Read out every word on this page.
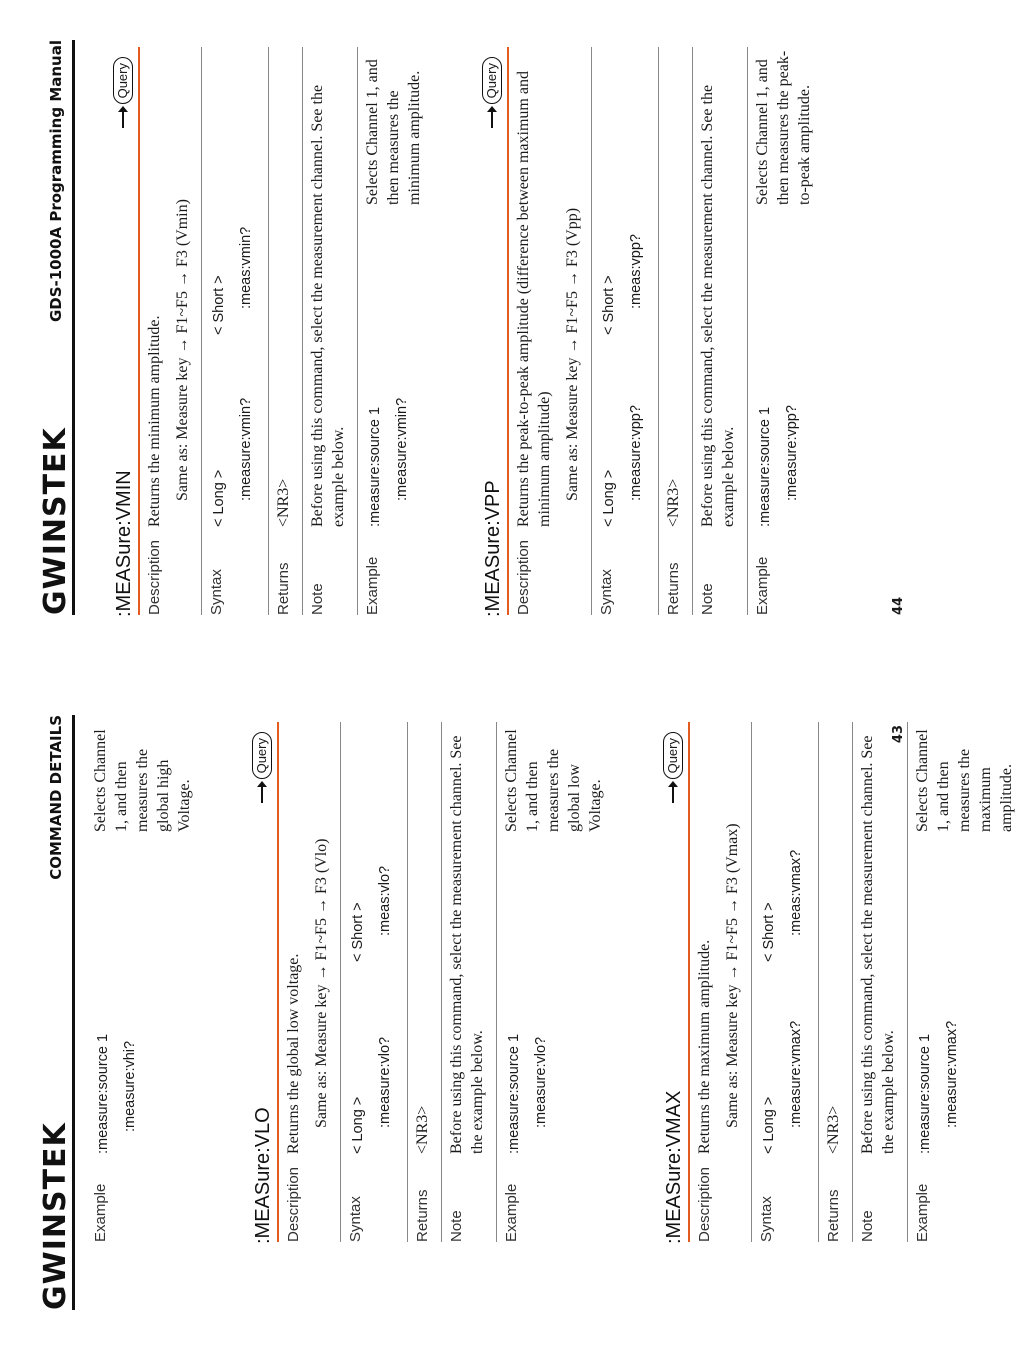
GWINSTEK
COMMAND DETAILS
Example
:measure:source 1 :measure:vhi?
Selects Channel 1, and then measures the global high Voltage.
:MEASure:VLO
Query
Description
Returns the global low voltage. Same as: Measure key → F1~F5 → F3 (Vlo)
Syntax
< Long > :measure:vlo?
< Short > :meas:vlo?
Returns
<NR3>
Note
Before using this command, select the measurement channel. See the example below.
Example
:measure:source 1 :measure:vlo?
Selects Channel 1, and then measures the global low Voltage.
:MEASure:VMAX
Query
Description
Returns the maximum amplitude. Same as: Measure key → F1~F5 → F3 (Vmax)
Syntax
< Long > :measure:vmax?
< Short > :meas:vmax?
Returns
<NR3>
Note
Before using this command, select the measurement channel. See the example below.
Example
:measure:source 1 :measure:vmax?
Selects Channel 1, and then measures the maximum amplitude.
43
GWINSTEK
GDS-1000A Programming Manual
:MEASure:VMIN
Query
Description
Returns the minimum amplitude. Same as: Measure key → F1~F5 → F3 (Vmin)
Syntax
< Long > :measure:vmin?
< Short > :meas:vmin?
Returns
<NR3>
Note
Before using this command, select the measurement channel. See the example below.
Example
:measure:source 1 :measure:vmin?
Selects Channel 1, and then measures the minimum amplitude.
:MEASure:VPP
Query
Description
Returns the peak-to-peak amplitude (difference between maximum and minimum amplitude) Same as: Measure key → F1~F5 → F3 (Vpp)
Syntax
< Long > :measure:vpp?
< Short > :meas:vpp?
Returns
<NR3>
Note
Before using this command, select the measurement channel. See the example below.
Example
:measure:source 1 :measure:vpp?
Selects Channel 1, and then measures the peak-to-peak amplitude.
44
